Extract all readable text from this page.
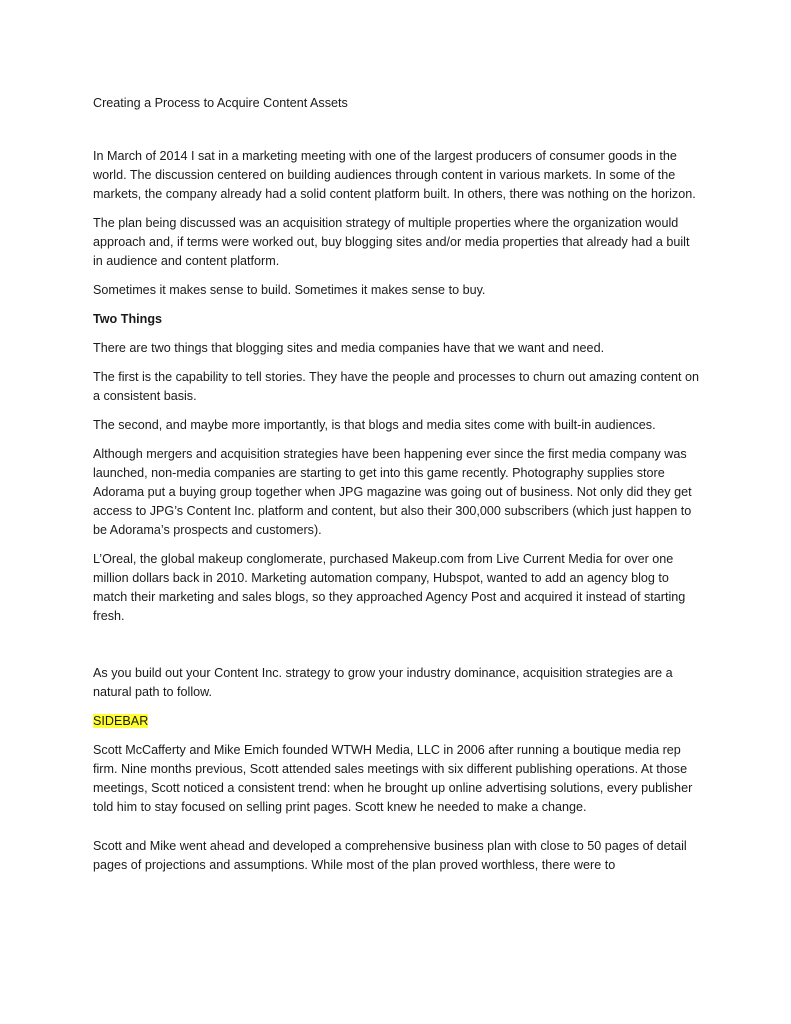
Creating a Process to Acquire Content Assets

In March of 2014 I sat in a marketing meeting with one of the largest producers of consumer goods in the world. The discussion centered on building audiences through content in various markets. In some of the markets, the company already had a solid content platform built. In others, there was nothing on the horizon.

The plan being discussed was an acquisition strategy of multiple properties where the organization would approach and, if terms were worked out, buy blogging sites and/or media properties that already had a built in audience and content platform.

Sometimes it makes sense to build. Sometimes it makes sense to buy.

Two Things

There are two things that blogging sites and media companies have that we want and need.

The first is the capability to tell stories. They have the people and processes to churn out amazing content on a consistent basis.

The second, and maybe more importantly, is that blogs and media sites come with built-in audiences.

Although mergers and acquisition strategies have been happening ever since the first media company was launched, non-media companies are starting to get into this game recently. Photography supplies store Adorama put a buying group together when JPG magazine was going out of business. Not only did they get access to JPG’s Content Inc. platform and content, but also their 300,000 subscribers (which just happen to be Adorama’s prospects and customers).

L’Oreal, the global makeup conglomerate, purchased Makeup.com from Live Current Media for over one million dollars back in 2010. Marketing automation company, Hubspot, wanted to add an agency blog to match their marketing and sales blogs, so they approached Agency Post and acquired it instead of starting fresh.

As you build out your Content Inc. strategy to grow your industry dominance, acquisition strategies are a natural path to follow.

SIDEBAR

Scott McCafferty and Mike Emich founded WTWH Media, LLC in 2006 after running a boutique media rep firm. Nine months previous, Scott attended sales meetings with six different publishing operations. At those meetings, Scott noticed a consistent trend: when he brought up online advertising solutions, every publisher told him to stay focused on selling print pages. Scott knew he needed to make a change.

Scott and Mike went ahead and developed a comprehensive business plan with close to 50 pages of detail pages of projections and assumptions. While most of the plan proved worthless, there were to
